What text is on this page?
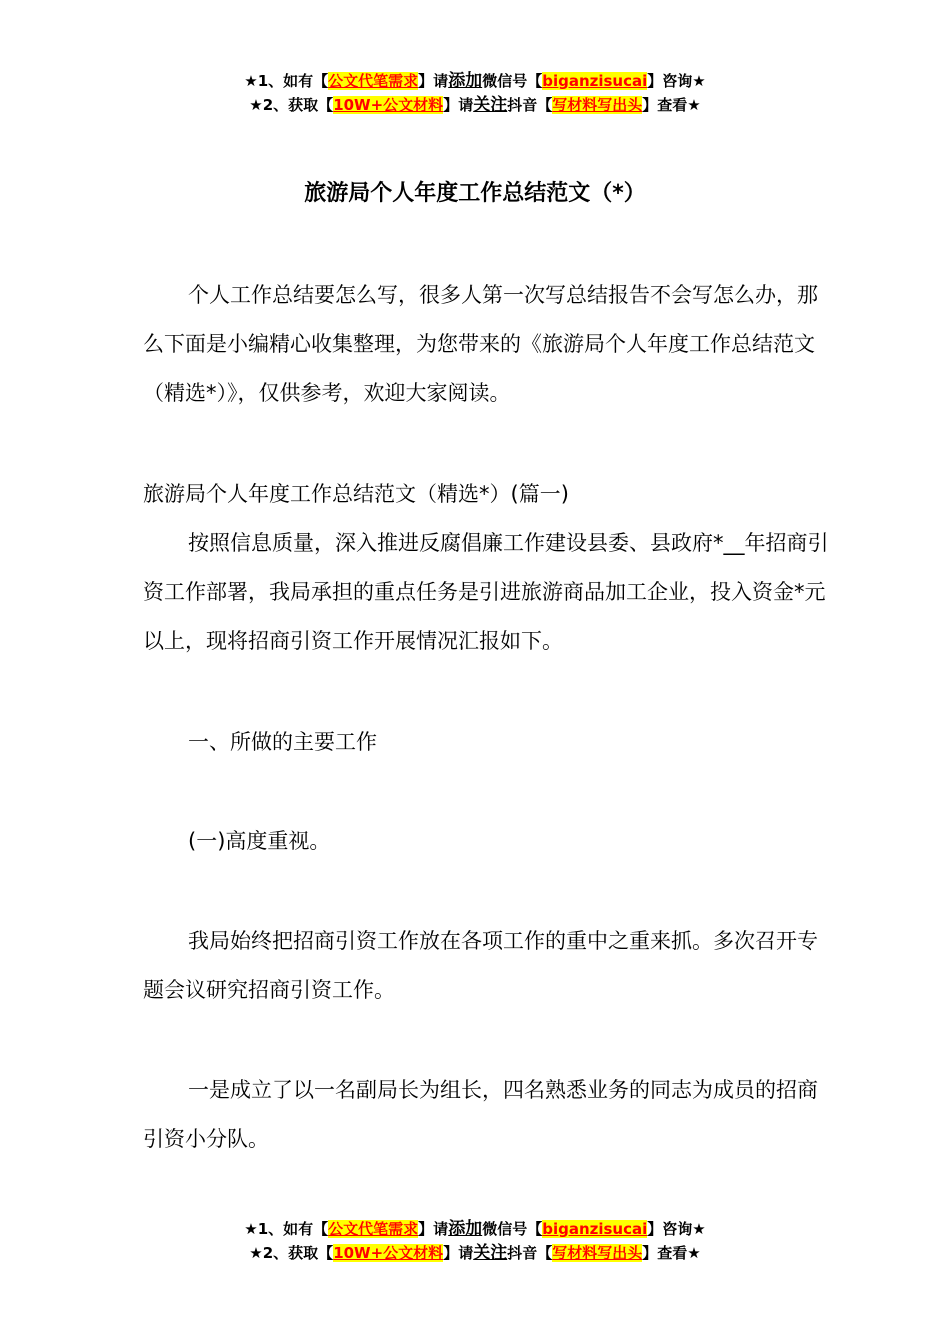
★1、如有【公文代笔需求】请添加微信号【biganzisucai】咨询★
★2、获取【10W+公文材料】请关注抖音【写材料写出头】查看★
旅游局个人年度工作总结范文（*）

个人工作总结要怎么写，很多人第一次写总结报告不会写怎么办，那么下面是小编精心收集整理，为您带来的《旅游局个人年度工作总结范文（精选*）》，仅供参考，欢迎大家阅读。

旅游局个人年度工作总结范文（精选*）(篇一)

按照信息质量，深入推进反腐倡廉工作建设县委、县政府*__年招商引资工作部署，我局承担的重点任务是引进旅游商品加工企业，投入资金*元以上，现将招商引资工作开展情况汇报如下。

一、所做的主要工作

(一)高度重视。

我局始终把招商引资工作放在各项工作的重中之重来抓。多次召开专题会议研究招商引资工作。

一是成立了以一名副局长为组长，四名熟悉业务的同志为成员的招商引资小分队。

★1、如有【公文代笔需求】请添加微信号【biganzisucai】咨询★
★2、获取【10W+公文材料】请关注抖音【写材料写出头】查看★
